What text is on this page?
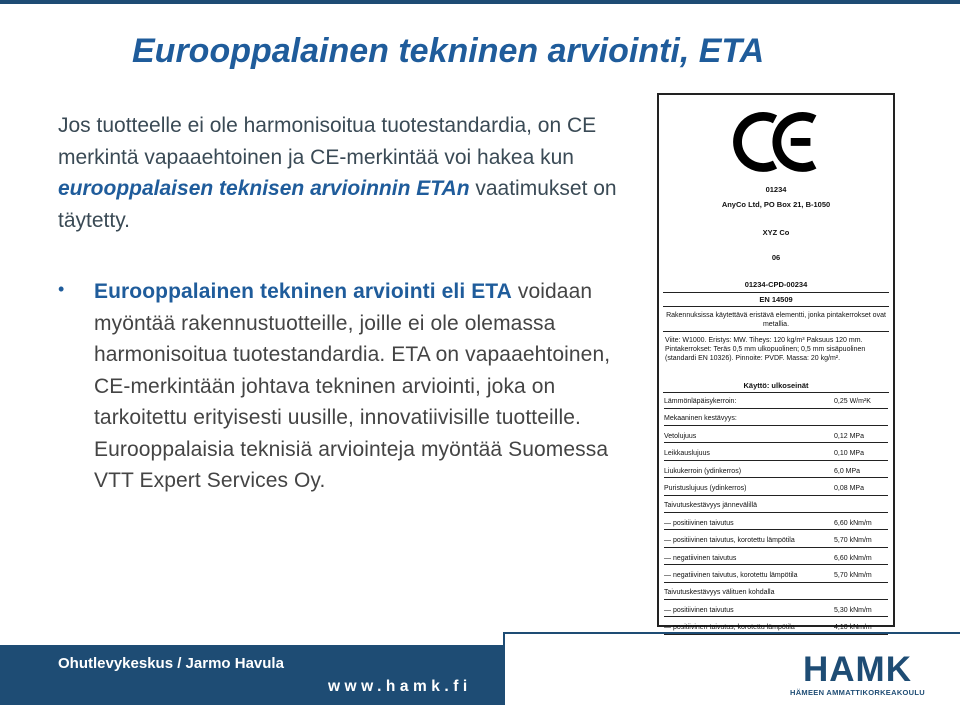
Eurooppalainen tekninen arviointi, ETA
Jos tuotteelle ei ole harmonisoitua tuotestandardia, on CE merkintä vapaaehtoinen ja CE-merkintää voi hakea kun eurooppalaisen teknisen arvioinnin ETAn vaatimukset on täytetty.
• Eurooppalainen tekninen arviointi eli ETA voidaan myöntää rakennustuotteille, joille ei ole olemassa harmonisoitua tuotestandardia. ETA on vapaaehtoinen, CE-merkintään johtava tekninen arviointi, joka on tarkoitettu erityisesti uusille, innovatiivisille tuotteille. Eurooppalaisia teknisiä arviointeja myöntää Suomessa VTT Expert Services Oy.
01234
AnyCo Ltd, PO Box 21, B-1050
XYZ Co
06
01234-CPD-00234
EN 14509
Rakennuksissa käytettävä eristävä elementti, jonka pintakerrokset ovat metallia.
Viite: W1000. Eristys: MW. Tiheys: 120 kg/m³ Paksuus 120 mm. Pintakerrokset: Teräs 0,5 mm ulkopuolinen; 0,5 mm sisäpuolinen (standardi EN 10326). Pinnoite: PVDF. Massa: 20 kg/m².
Käyttö: ulkoseinät
Lämmönläpäisykerroin:	0,25 W/m²K
Mekaaninen kestävyys:
Vetolujuus	0,12 MPa
Leikkauslujuus	0,10 MPa
Liukukerroin (ydinkerros)	6,0 MPa
Puristuslujuus (ydinkerros)	0,08 MPa
Taivutuskestävyys jännevälillä
— positiivinen taivutus	6,60 kNm/m
— positiivinen taivutus, korotettu lämpötila	5,70 kNm/m
— negatiivinen taivutus	6,60 kNm/m
— negatiivinen taivutus, korotettu lämpötila	5,70 kNm/m
Taivutuskestävyys välituen kohdalla
— positiivinen taivutus	5,30 kNm/m
— positiivinen taivutus, korotettu lämpötila	4,10 kNm/m
Ohutlevykeskus / Jarmo Havula
www.hamk.fi	HAMK
HÄMEEN AMMATTIKORKEAKOULU
